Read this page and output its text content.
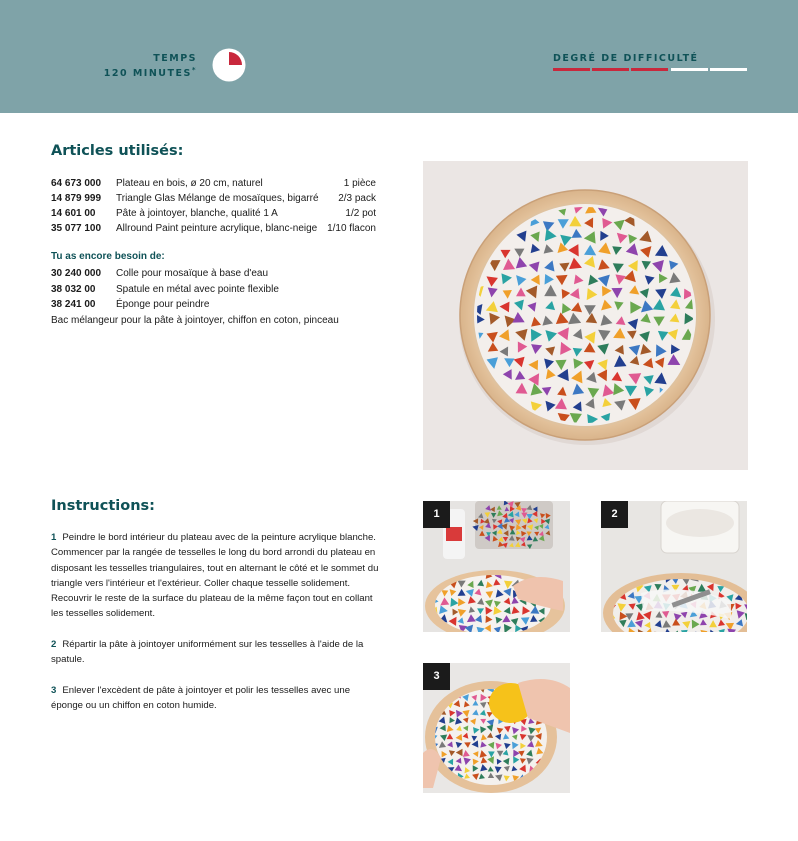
TEMPS
120 MINUTES*
DEGRÉ DE DIFFICULTÉ
Articles utilisés:
64 673 000 Plateau en bois, ø 20 cm, naturel	1 pièce
14 879 999 Triangle Glas Mélange de mosaïques, bigarré 2/3 pack
14 601 00 Pâte à jointoyer, blanche, qualité 1 A	1/2 pot
35 077 100 Allround Paint peinture acrylique, blanc-neige 1/10 flacon
Tu as encore besoin de:
30 240 000 Colle pour mosaïque à base d'eau
38 032 00 Spatule en métal avec pointe flexible
38 241 00 Éponge pour peindre
Bac mélangeur pour la pâte à jointoyer, chiffon en coton, pinceau
Instructions:
1 Peindre le bord intérieur du plateau avec de la peinture acrylique blanche. Commencer par la rangée de tesselles le long du bord arrondi du plateau en disposant les tesselles triangulaires, tout en alternant le côté et le sommet du triangle vers l'intérieur et l'extérieur. Coller chaque tesselle solidement. Recouvrir le reste de la surface du plateau de la même façon tout en collant les tesselles solidement.
2 Répartir la pâte à jointoyer uniformément sur les tesselles à l'aide de la spatule.
3 Enlever l'excèdent de pâte à jointoyer et polir les tesselles avec une éponge ou un chiffon en coton humide.
1	2
3
